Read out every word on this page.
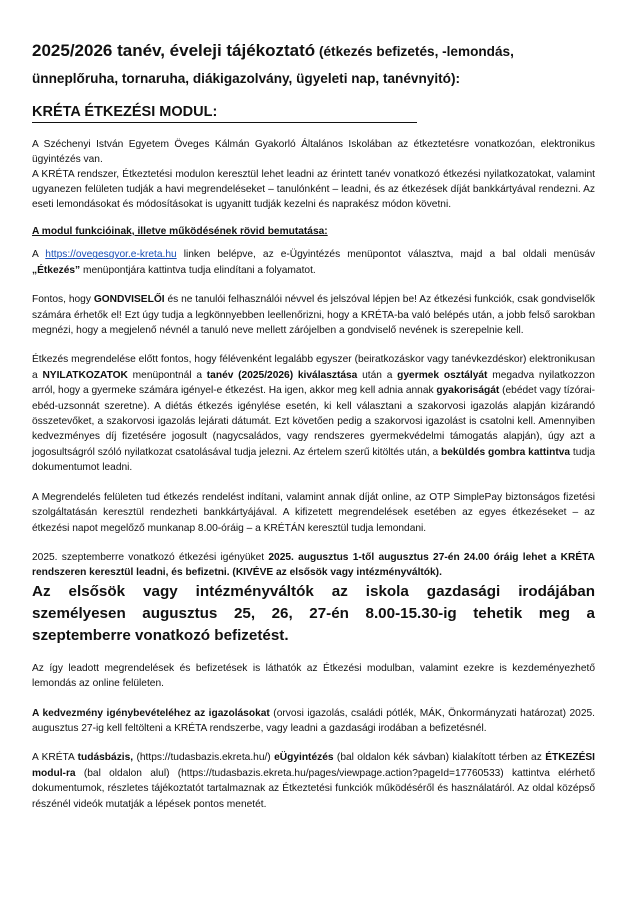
2025/2026 tanév, éveleji tájékoztató (étkezés befizetés, -lemondás, ünneplőruha, tornaruha, diákigazolvány, ügyeleti nap, tanévnyitó):
KRÉTA ÉTKEZÉSI MODUL:

A Széchenyi István Egyetem Öveges Kálmán Gyakorló Általános Iskolában az étkeztetésre vonatkozóan, elektronikus ügyintézés van.

A KRÉTA rendszer, Étkeztetési modulon keresztül lehet leadni az érintett tanév vonatkozó étkezési nyilatkozatokat, valamint ugyanezen felületen tudják a havi megrendeléseket – tanulónként – leadni, és az étkezések díját bankkártyával rendezni. Az eseti lemondásokat és módosításokat is ugyanitt tudják kezelni és naprakész módon követni.

A modul funkcióinak, illetve működésének rövid bemutatása:

A https://ovegesgyor.e-kreta.hu linken belépve, az e-Ügyintézés menüpontot választva, majd a bal oldali menüsáv „Étkezés” menüpontjára kattintva tudja elindítani a folyamatot.

Fontos, hogy GONDVISELŐI és ne tanulói felhasználói névvel és jelszóval lépjen be! Az étkezési funkciók, csak gondviselők számára érhetők el! Ezt úgy tudja a legkönnyebben leellenőrizni, hogy a KRÉTA-ba való belépés után, a jobb felső sarokban megnézi, hogy a megjelenő névnél a tanuló neve mellett zárójelben a gondviselő nevének is szerepelnie kell.

Étkezés megrendelése előtt fontos, hogy félévenként legalább egyszer (beiratkozáskor vagy tanévkezdéskor) elektronikusan a NYILATKOZATOK menüpontnál a tanév (2025/2026) kiválasztása után a gyermek osztályát megadva nyilatkozzon arról, hogy a gyermeke számára igényel-e étkezést. Ha igen, akkor meg kell adnia annak gyakoriságát (ebédet vagy tízórai-ebéd-uzsonnát szeretne). A diétás étkezés igénylése esetén, ki kell választani a szakorvosi igazolás alapján kizárandó összetevőket, a szakorvosi igazolás lejárati dátumát. Ezt követően pedig a szakorvosi igazolást is csatolni kell. Amennyiben kedvezményes díj fizetésére jogosult (nagycsaládos, vagy rendszeres gyermekvédelmi támogatás alapján), úgy azt a jogosultságról szóló nyilatkozat csatolásával tudja jelezni. Az értelem szerű kitöltés után, a beküldés gombra kattintva tudja dokumentumot leadni.

A Megrendelés felületen tud étkezés rendelést indítani, valamint annak díját online, az OTP SimplePay biztonságos fizetési szolgáltatásán keresztül rendezheti bankkártyájával. A kifizetett megrendelések esetében az egyes étkezéseket – az étkezési napot megelőző munkanap 8.00-óráig – a KRÉTÁN keresztül tudja lemondani.

2025. szeptemberre vonatkozó étkezési igényüket 2025. augusztus 1-től augusztus 27-én 24.00 óráig lehet a KRÉTA rendszeren keresztül leadni, és befizetni. (KIVÉVE az elsősök vagy intézményváltók).

Az elsősök vagy intézményváltók az iskola gazdasági irodájában személyesen augusztus 25, 26, 27-én 8.00-15.30-ig tehetik meg a szeptemberre vonatkozó befizetést.

Az így leadott megrendelések és befizetések is láthatók az Étkezési modulban, valamint ezekre is kezdeményezhető lemondás az online felületen.

A kedvezmény igénybevételéhez az igazolásokat (orvosi igazolás, családi pótlék, MÁK, Önkormányzati határozat) 2025. augusztus 27-ig kell feltölteni a KRÉTA rendszerbe, vagy leadni a gazdasági irodában a befizetésnél.

A KRÉTA tudásbázis, (https://tudasbazis.ekreta.hu/) eÜgyintézés (bal oldalon kék sávban) kialakított térben az ÉTKEZÉSI modul-ra (bal oldalon alul) (https://tudasbazis.ekreta.hu/pages/viewpage.action?pageId=17760533) kattintva elérhető dokumentumok, részletes tájékoztatót tartalmaznak az Étkeztetési funkciók működéséről és használatáról. Az oldal középső részénél videók mutatják a lépések pontos menetét.
